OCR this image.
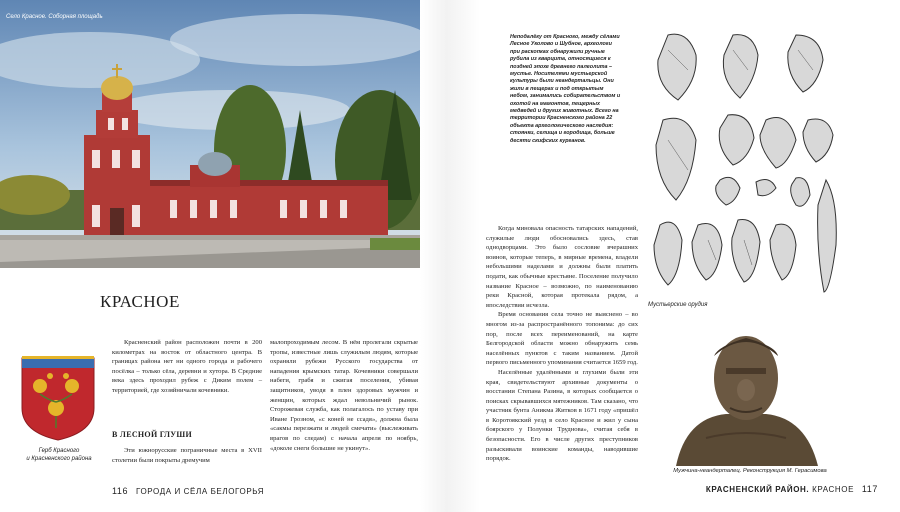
Село Красное. Соборная площадь
КРАСНОЕ
Герб Красного
и Красненского района

Красненский район расположен почти в 200 километрах на восток от областного центра. В границах района нет ни одного города и рабочего посёлка – только сёла, деревни и хутора. В Средние века здесь проходил рубеж с Диким полем – территорией, где хозяйничали кочевники.

В ЛЕСНОЙ ГЛУШИ

Эти южнорусские пограничные места в XVII столетии были покрыты дремучим

малопроходимым лесом. В нём пролегали скрытые тропы, известные лишь служилым людям, которые охраняли рубежи Русского государства от нападения крымских татар. Кочевники совершали набеги, грабя и сжигая поселения, убивая защитников, уводя в плен здоровых мужчин и женщин, которых ждал невольничий рынок. Сторожевая служба, как полагалось по уставу при Иване Грозном, «с коней не ссадя», должна была «сакмы перезжати и людей смечати» (выслеживать врагов по следам) с начала апреля по ноябрь, «доколе снеги большие не укинут».

116 ГОРОДА И СЁЛА БЕЛОГОРЬЯ

Неподалёку от Красного, между сёлами Лесное Уколово и Шубное, археологи при раскопках обнаружили ручные рубила из кварцита, относящиеся к поздней эпохе древнего палеолита – мустье. Носителями мустьерской культуры были неандертальцы. Они жили в пещерах и под открытым небом, занимались собирательством и охотой на мамонтов, пещерных медведей и других животных. Всего на территории Красненского района 22 объекта археологического наследия: стоянки, селища и городища, больше десяти скифских курганов.

Мустьерские орудия

Когда миновала опасность татарских нападений, служилые люди обосновались здесь, став однодворцами. Это было сословие вчерашних воинов, которые теперь, в мирные времена, владели небольшими наделами и должны были платить подати, как обычные крестьяне. Поселение получило название Красное – возможно, по наименованию реки Красной, которая протекала рядом, а впоследствии исчезла.

Время основания села точно не выяснено – во многом из-за распространённого топонима: до сих пор, после всех переименований, на карте Белгородской области можно обнаружить семь населённых пунктов с таким названием. Датой первого письменного упоминания считается 1659 год.

Населённые удалёнными и глухими были эти края, свидетельствуют архивные документы о восстании Степана Разина, в которых сообщается о поисках скрывавшихся мятежников. Там сказано, что участник бунта Аникма Житков в 1671 году «пришёл в Коротоякский уезд в село Красное и жил у сына боярского у Полунки Труднова», считая себя в безопасности. Его в числе других преступников разыскивали воинские команды, наводившие порядок.

Мужчина-неандерталец. Реконструкция М. Герасимова
КРАСНЕНСКИЙ РАЙОН. КРАСНОЕ 117
